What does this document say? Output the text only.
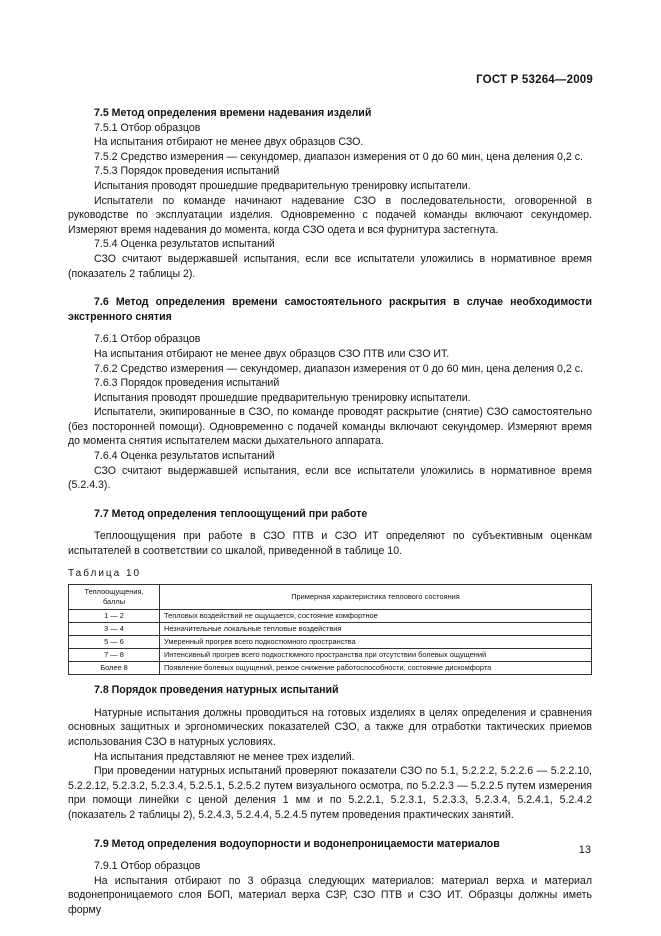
ГОСТ Р 53264—2009

7.5 Метод определения времени надевания изделий

7.5.1 Отбор образцов

На испытания отбирают не менее двух образцов СЗО.

7.5.2 Средство измерения — секундомер, диапазон измерения от 0 до 60 мин, цена деления 0,2 с.

7.5.3 Порядок проведения испытаний

Испытания проводят прошедшие предварительную тренировку испытатели.

Испытатели по команде начинают надевание СЗО в последовательности, оговоренной в руководстве по эксплуатации изделия. Одновременно с подачей команды включают секундомер. Измеряют время надевания до момента, когда СЗО одета и вся фурнитура застегнута.

7.5.4 Оценка результатов испытаний

СЗО считают выдержавшей испытания, если все испытатели уложились в нормативное время (показатель 2 таблицы 2).

7.6 Метод определения времени самостоятельного раскрытия в случае необходимости экстренного снятия

7.6.1 Отбор образцов

На испытания отбирают не менее двух образцов СЗО ПТВ или СЗО ИТ.

7.6.2 Средство измерения — секундомер, диапазон измерения от 0 до 60 мин, цена деления 0,2 с.

7.6.3 Порядок проведения испытаний

Испытания проводят прошедшие предварительную тренировку испытатели.

Испытатели, экипированные в СЗО, по команде проводят раскрытие (снятие) СЗО самостоятельно (без посторонней помощи). Одновременно с подачей команды включают секундомер. Измеряют время до момента снятия испытателем маски дыхательного аппарата.

7.6.4 Оценка результатов испытаний

СЗО считают выдержавшей испытания, если все испытатели уложились в нормативное время (5.2.4.3).

7.7 Метод определения теплоощущений при работе

Теплоощущения при работе в СЗО ПТВ и СЗО ИТ определяют по субъективным оценкам испытателей в соответствии со шкалой, приведенной в таблице 10.

Таблица 10
Теплоощущения, баллы	Примерная характеристика теплового состояния
1 — 2	Тепловых воздействий не ощущается, состояние комфортное
3 — 4	Незначительные локальные тепловые воздействия
5 — 6	Умеренный прогрев всего подкостюмного пространства
7 — 8	Интенсивный прогрев всего подкостюмного пространства при отсутствии болевых ощущений
Более 8	Появление болевых ощущений, резкое снижение работоспособности, состояние дискомфорта

7.8 Порядок проведения натурных испытаний

Натурные испытания должны проводиться на готовых изделиях в целях определения и сравнения основных защитных и эргономических показателей СЗО, а также для отработки тактических приемов использования СЗО в натурных условиях.

На испытания представляют не менее трех изделий.

При проведении натурных испытаний проверяют показатели СЗО по 5.1, 5.2.2.2, 5.2.2.6 — 5.2.2.10, 5.2.2.12, 5.2.3.2, 5.2.3.4, 5.2.5.1, 5.2.5.2 путем визуального осмотра, по 5.2.2.3 — 5.2.2.5 путем измерения при помощи линейки с ценой деления 1 мм и по 5.2.2.1, 5.2.3.1, 5.2.3.3, 5.2.3.4, 5.2.4.1, 5.2.4.2 (показатель 2 таблицы 2), 5.2.4.3, 5.2.4.4, 5.2.4.5 путем проведения практических занятий.

7.9 Метод определения водоупорности и водонепроницаемости материалов

7.9.1 Отбор образцов

На испытания отбирают по 3 образца следующих материалов: материал верха и материал водонепроницаемого слоя БОП, материал верха СЗР, СЗО ПТВ и СЗО ИТ. Образцы должны иметь форму

13
